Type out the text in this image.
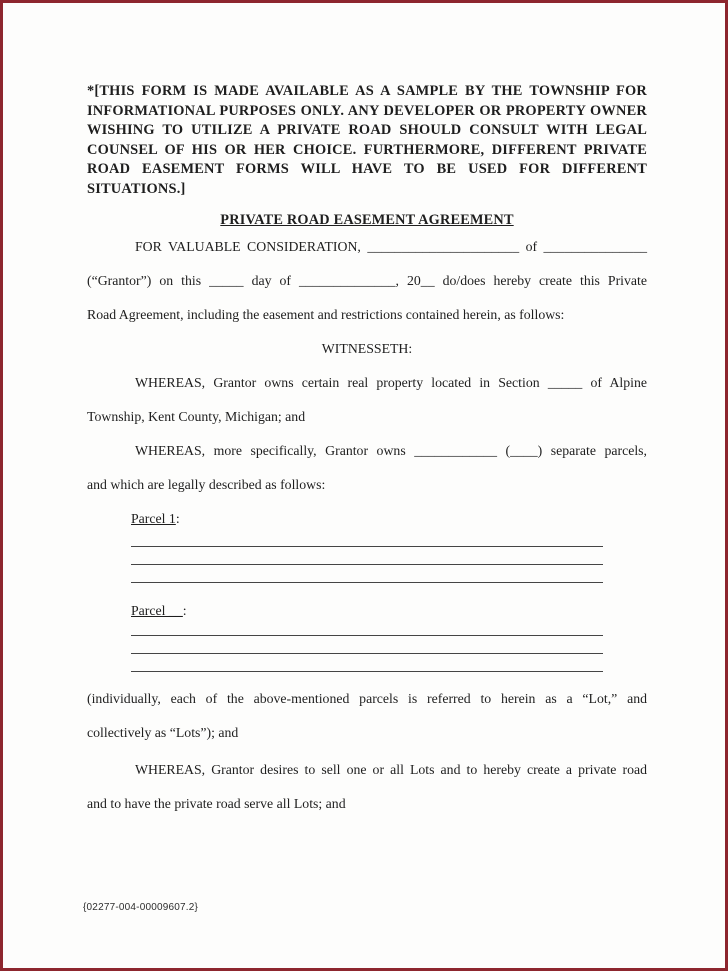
*[THIS FORM IS MADE AVAILABLE AS A SAMPLE BY THE TOWNSHIP FOR
INFORMATIONAL PURPOSES ONLY. ANY DEVELOPER OR PROPERTY OWNER
WISHING TO UTILIZE A PRIVATE ROAD SHOULD CONSULT WITH LEGAL
COUNSEL OF HIS OR HER CHOICE. FURTHERMORE, DIFFERENT PRIVATE
ROAD EASEMENT FORMS WILL HAVE TO BE USED FOR DIFFERENT
SITUATIONS.]
PRIVATE ROAD EASEMENT AGREEMENT
FOR VALUABLE CONSIDERATION, ______________________ of _______________
(“Grantor”) on this _____ day of ______________, 20__ do/does hereby create this Private
Road Agreement, including the easement and restrictions contained herein, as follows:
WITNESSETH:
WHEREAS, Grantor owns certain real property located in Section _____ of Alpine
Township, Kent County, Michigan; and
WHEREAS, more specifically, Grantor owns ____________ (____) separate parcels,
and which are legally described as follows:
Parcel 1:
Parcel __:
(individually, each of the above-mentioned parcels is referred to herein as a “Lot,” and
collectively as “Lots”); and
WHEREAS, Grantor desires to sell one or all Lots and to hereby create a private road
and to have the private road serve all Lots; and
{02277-004-00009607.2}
